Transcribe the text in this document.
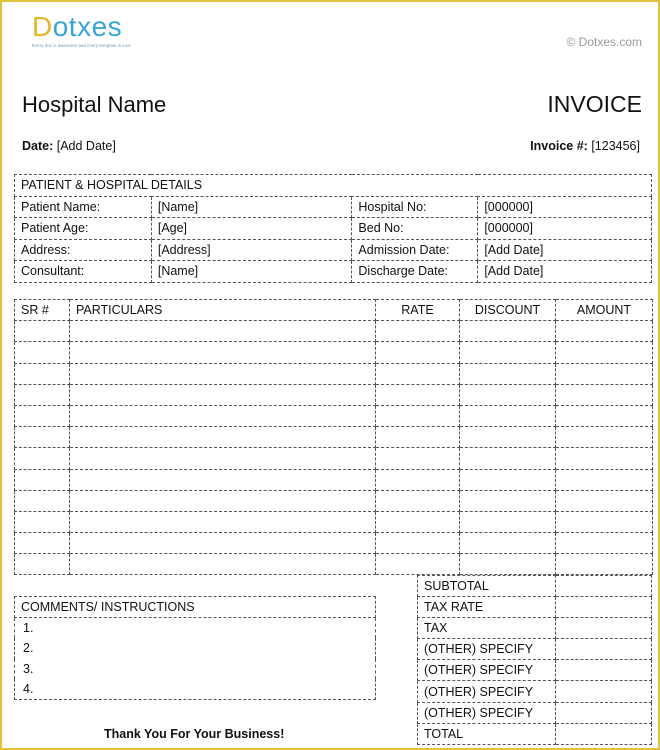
Dotxes
Every doc is awesome and every template is cool	© Dotxes.com
Hospital Name	INVOICE
Date: [Add Date]	Invoice #: [123456]
PATIENT & HOSPITAL DETAILS			
Patient Name:	[Name]	Hospital No:	[000000]
Patient Age:	[Age]	Bed No:	[000000]
Address:	[Address]	Admission Date:	[Add Date]
Consultant:	[Name]	Discharge Date:	[Add Date]
SR #	PARTICULARS	RATE	DISCOUNT	AMOUNT

COMMENTS/ INSTRUCTIONS
1.
2.
3.
4.
SUBTOTAL	
TAX RATE	
TAX	
(OTHER) SPECIFY	
(OTHER) SPECIFY	
(OTHER) SPECIFY	
(OTHER) SPECIFY	
TOTAL	
Thank You For Your Business!
